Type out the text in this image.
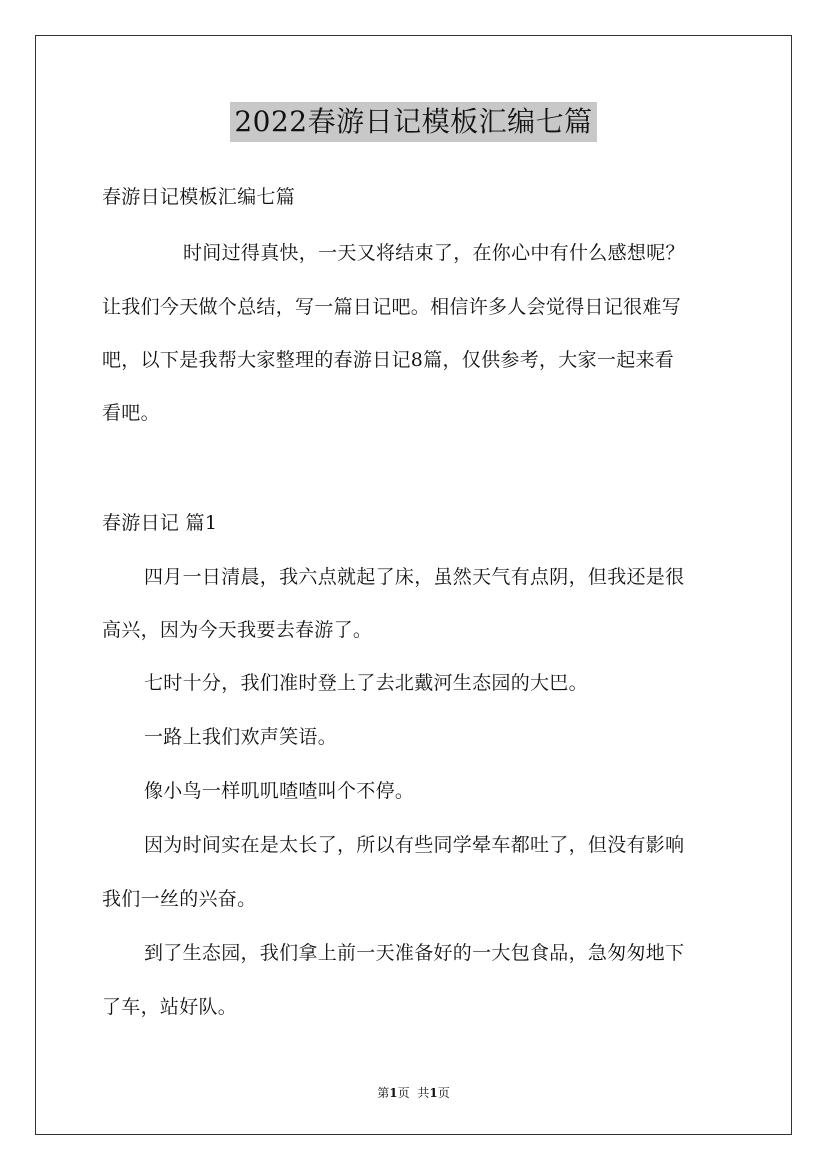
2022春游日记模板汇编七篇
春游日记模板汇编七篇
时间过得真快，一天又将结束了，在你心中有什么感想呢？
让我们今天做个总结，写一篇日记吧。相信许多人会觉得日记很难写
吧，以下是我帮大家整理的春游日记8篇，仅供参考，大家一起来看
看吧。
春游日记 篇1
四月一日清晨，我六点就起了床，虽然天气有点阴，但我还是很
高兴，因为今天我要去春游了。
七时十分，我们准时登上了去北戴河生态园的大巴。
一路上我们欢声笑语。
像小鸟一样叽叽喳喳叫个不停。
因为时间实在是太长了，所以有些同学晕车都吐了，但没有影响
我们一丝的兴奋。
到了生态园，我们拿上前一天准备好的一大包食品，急匆匆地下
了车，站好队。
第1页 共1页
